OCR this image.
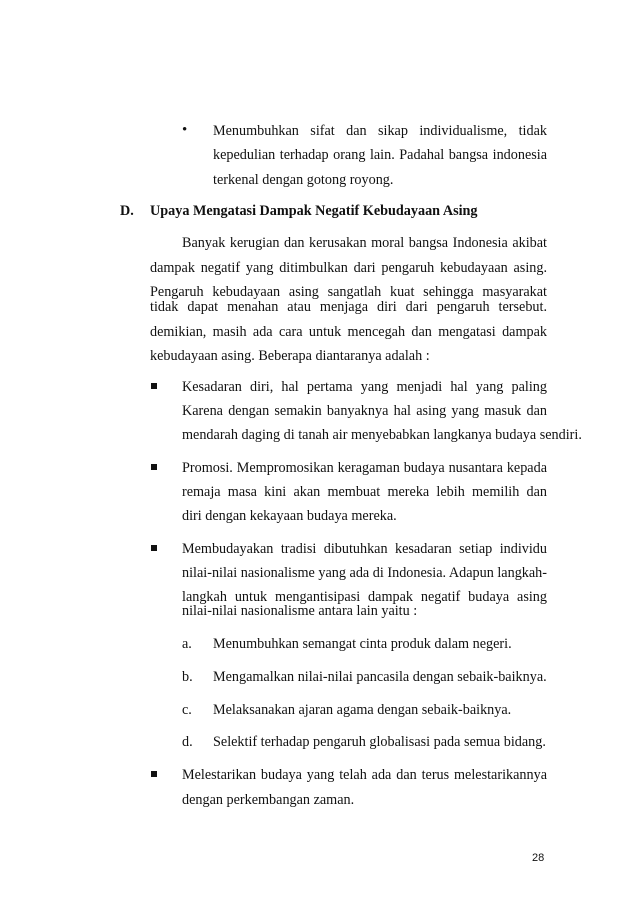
• Menumbuhkan sifat dan sikap individualisme, tidak
kepedulian terhadap orang lain. Padahal bangsa indonesia
terkenal dengan gotong royong.
D. Upaya Mengatasi Dampak Negatif Kebudayaan Asing
Banyak kerugian dan kerusakan moral bangsa Indonesia akibat
dampak negatif yang ditimbulkan dari pengaruh kebudayaan asing.
Pengaruh kebudayaan asing sangatlah kuat sehingga masyarakat
tidak dapat menahan atau menjaga diri dari pengaruh tersebut.
demikian, masih ada cara untuk mencegah dan mengatasi dampak
kebudayaan asing. Beberapa diantaranya adalah :
Kesadaran diri, hal pertama yang menjadi hal yang paling
Karena dengan semakin banyaknya hal asing yang masuk dan
mendarah daging di tanah air menyebabkan langkanya budaya sendiri.
Promosi. Mempromosikan keragaman budaya nusantara kepada
remaja masa kini akan membuat mereka lebih memilih dan
diri dengan kekayaan budaya mereka.
Membudayakan tradisi dibutuhkan kesadaran setiap individu
nilai-nilai nasionalisme yang ada di Indonesia. Adapun langkah-
langkah untuk mengantisipasi dampak negatif budaya asing
nilai-nilai nasionalisme antara lain yaitu :
a. Menumbuhkan semangat cinta produk dalam negeri.
b. Mengamalkan nilai-nilai pancasila dengan sebaik-baiknya.
c. Melaksanakan ajaran agama dengan sebaik-baiknya.
d. Selektif terhadap pengaruh globalisasi pada semua bidang.
Melestarikan budaya yang telah ada dan terus melestarikannya
dengan perkembangan zaman.
28
